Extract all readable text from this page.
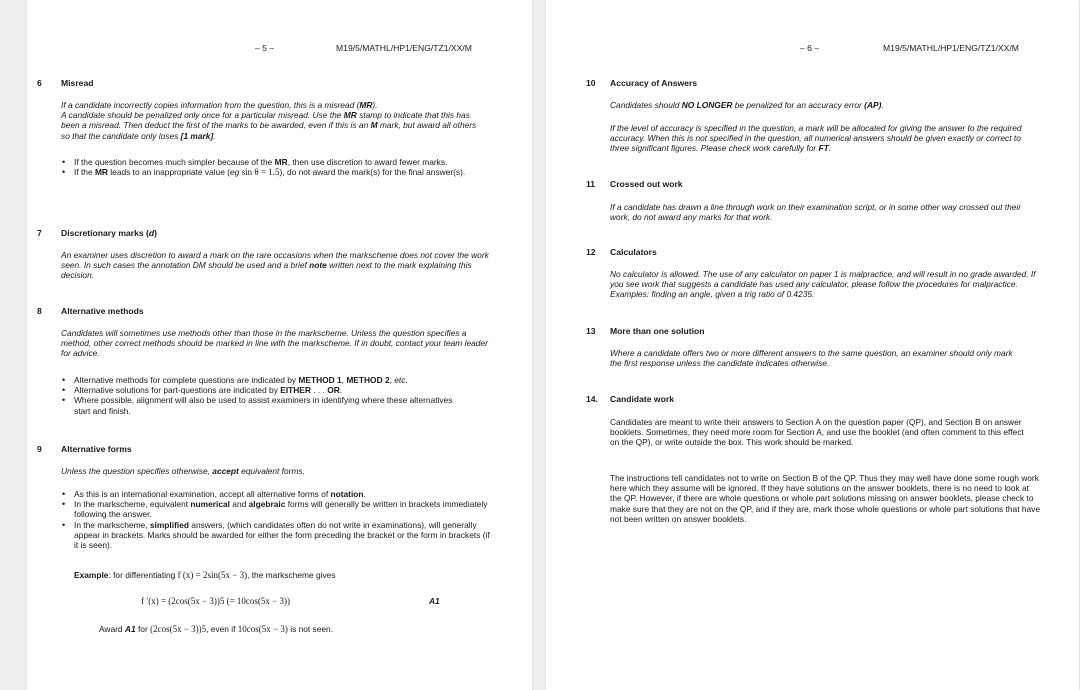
– 5 –	M19/5/MATHL/HP1/ENG/TZ1/XX/M
6 Misread

If a candidate incorrectly copies information from the question, this is a misread (MR).

A candidate should be penalized only once for a particular misread. Use the MR stamp to indicate that this has been a misread. Then deduct the first of the marks to be awarded, even if this is an M mark, but award all others so that the candidate only loses [1 mark].

• If the question becomes much simpler because of the MR, then use discretion to award fewer marks.
• If the MR leads to an inappropriate value (eg sin θ = 1.5), do not award the mark(s) for the final answer(s).
7 Discretionary marks (d)
An examiner uses discretion to award a mark on the rare occasions when the markscheme does not cover the work seen. In such cases the annotation DM should be used and a brief note written next to the mark explaining this decision.
8 Alternative methods
Candidates will sometimes use methods other than those in the markscheme. Unless the question specifies a method, other correct methods should be marked in line with the markscheme. If in doubt, contact your team leader for advice.
• Alternative methods for complete questions are indicated by METHOD 1, METHOD 2, etc.
• Alternative solutions for part-questions are indicated by EITHER . . . OR.
• Where possible, alignment will also be used to assist examiners in identifying where these alternatives start and finish.
9 Alternative forms
Unless the question specifies otherwise, accept equivalent forms.
• As this is an international examination, accept all alternative forms of notation.
• In the markscheme, equivalent numerical and algebraic forms will generally be written in brackets immediately following the answer.
• In the markscheme, simplified answers, (which candidates often do not write in examinations), will generally appear in brackets. Marks should be awarded for either the form preceding the bracket or the form in brackets (if it is seen).
Example: for differentiating f (x) = 2sin(5x − 3), the markscheme gives
f ′(x) = (2cos(5x − 3))5 (= 10cos(5x − 3))	A1
Award A1 for (2cos(5x − 3))5, even if 10cos(5x − 3) is not seen.
– 6 –	M19/5/MATHL/HP1/ENG/TZ1/XX/M
10 Accuracy of Answers
Candidates should NO LONGER be penalized for an accuracy error (AP).
If the level of accuracy is specified in the question, a mark will be allocated for giving the answer to the required accuracy. When this is not specified in the question, all numerical answers should be given exactly or correct to three significant figures. Please check work carefully for FT.
11 Crossed out work
If a candidate has drawn a line through work on their examination script, or in some other way crossed out their work, do not award any marks for that work.
12 Calculators
No calculator is allowed. The use of any calculator on paper 1 is malpractice, and will result in no grade awarded. If you see work that suggests a candidate has used any calculator, please follow the procedures for malpractice. Examples: finding an angle, given a trig ratio of 0.4235.
13 More than one solution
Where a candidate offers two or more different answers to the same question, an examiner should only mark the first response unless the candidate indicates otherwise.
14. Candidate work
Candidates are meant to write their answers to Section A on the question paper (QP), and Section B on answer booklets. Sometimes, they need more room for Section A, and use the booklet (and often comment to this effect on the QP), or write outside the box. This work should be marked.
The instructions tell candidates not to write on Section B of the QP. Thus they may well have done some rough work here which they assume will be ignored. If they have solutions on the answer booklets, there is no need to look at the QP. However, if there are whole questions or whole part solutions missing on answer booklets, please check to make sure that they are not on the QP, and if they are, mark those whole questions or whole part solutions that have not been written on answer booklets.
